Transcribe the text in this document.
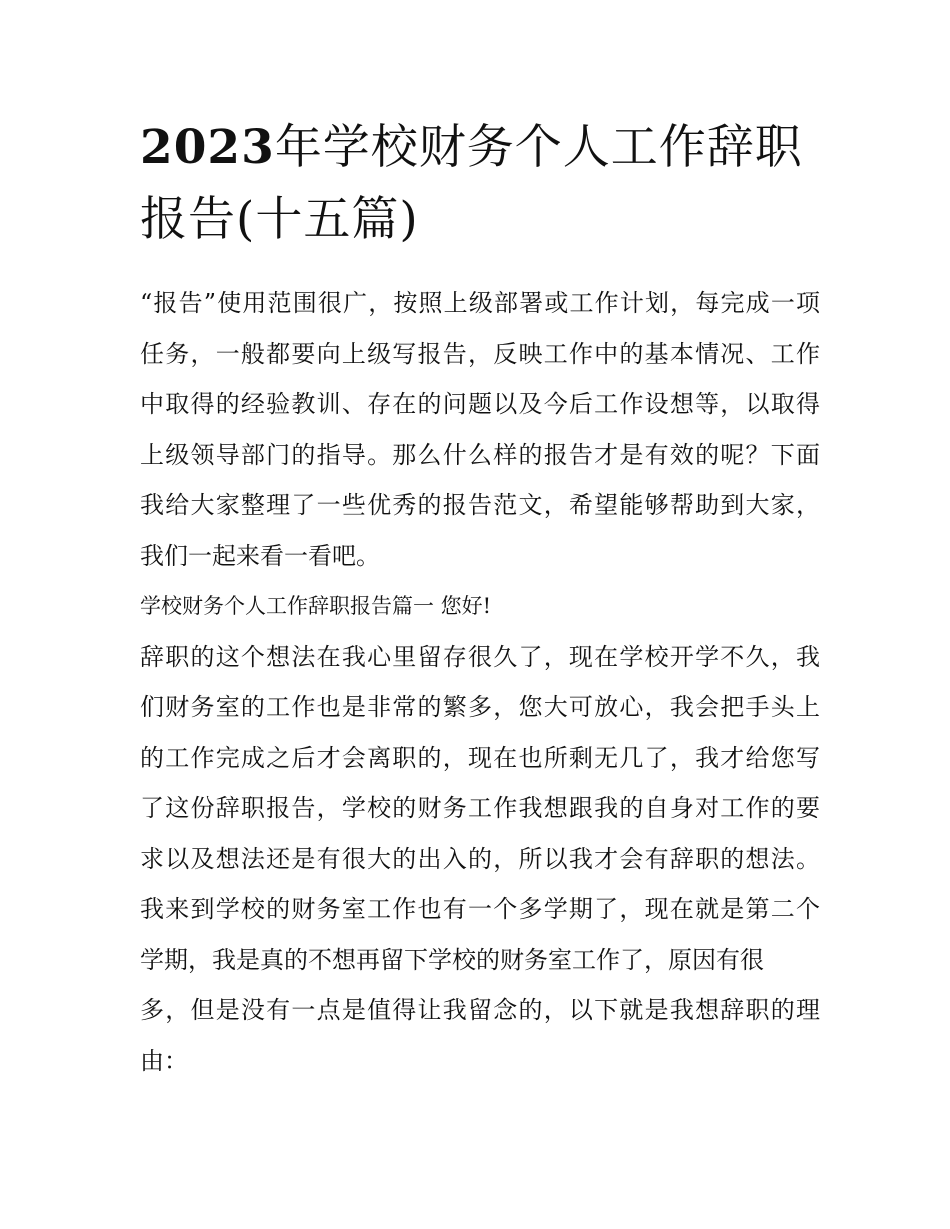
2023年学校财务个人工作辞职
报告(十五篇)
“报告”使用范围很广，按照上级部署或工作计划，每完成一项
任务，一般都要向上级写报告，反映工作中的基本情况、工作
中取得的经验教训、存在的问题以及今后工作设想等，以取得
上级领导部门的指导。那么什么样的报告才是有效的呢？下面
我给大家整理了一些优秀的报告范文，希望能够帮助到大家，
我们一起来看一看吧。
学校财务个人工作辞职报告篇一 您好!
辞职的这个想法在我心里留存很久了，现在学校开学不久，我
们财务室的工作也是非常的繁多，您大可放心，我会把手头上
的工作完成之后才会离职的，现在也所剩无几了，我才给您写
了这份辞职报告，学校的财务工作我想跟我的自身对工作的要
求以及想法还是有很大的出入的，所以我才会有辞职的想法。
我来到学校的财务室工作也有一个多学期了，现在就是第二个
学期，我是真的不想再留下学校的财务室工作了，原因有很
多，但是没有一点是值得让我留念的，以下就是我想辞职的理
由：
